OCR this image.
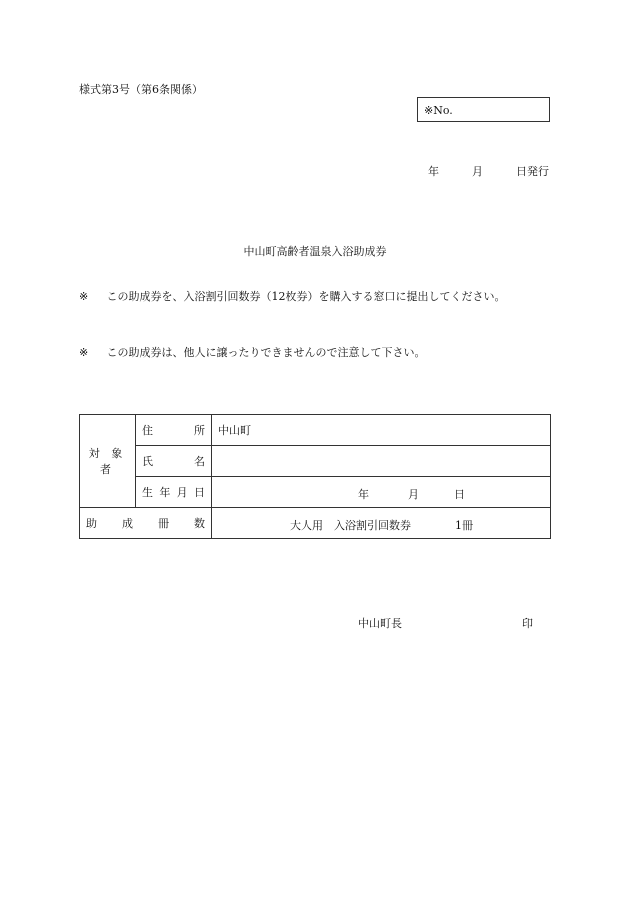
様式第3号（第6条関係）
※No.
年	月	日発行
中山町高齢者温泉入浴助成券
※ この助成券を、入浴割引回数券（12枚券）を購入する窓口に提出してください。
※ この助成券は、他人に譲ったりできませんので注意して下さい。
対 象 者	住 所	中山町

	氏 名	

	生 年 月 日	年 月 日

助 成 冊 数		大人用　入浴割引回数券 1冊
中山町長	印
